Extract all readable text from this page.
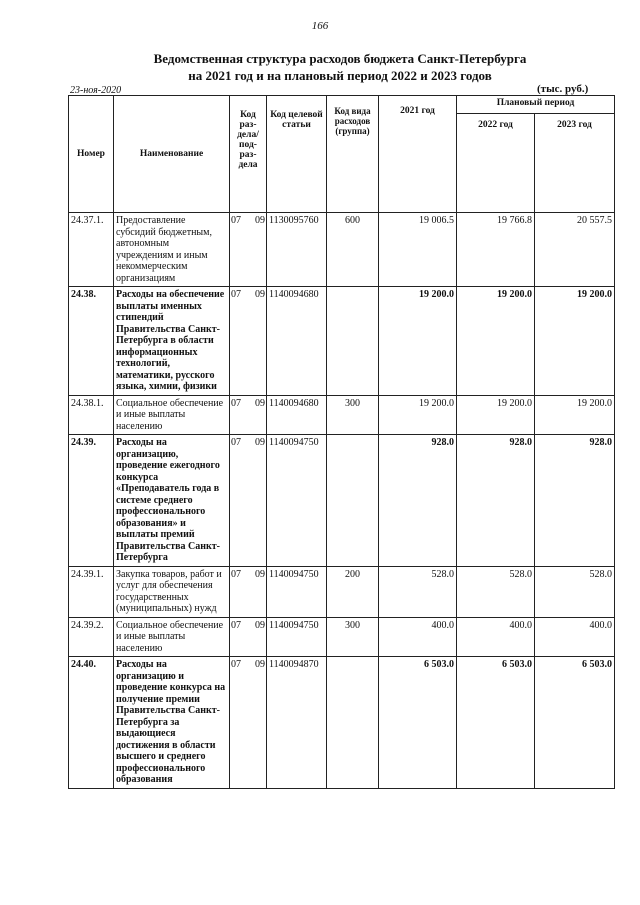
166
Ведомственная структура расходов бюджета Санкт-Петербурга
на 2021 год и на плановый период 2022 и 2023 годов
23-ноя-2020	(тыс. руб.)
Номер	Наименование	Код раз-дела/ под-раз-дела	Код целевой статьи	Код вида расходов (группа)	2021 год	Плановый период	
						2022 год	2023 год
24.37.1.	Предоставление субсидий бюджетным, автономным учреждениям и иным некоммерческим организациям	07 09	1130095760	600	19 006.5	19 766.8	20 557.5
24.38.	Расходы на обеспечение выплаты именных стипендий Правительства Санкт-Петербурга в области информационных технологий, математики, русского языка, химии, физики	07 09	1140094680		19 200.0	19 200.0	19 200.0
24.38.1.	Социальное обеспечение и иные выплаты населению	07 09	1140094680	300	19 200.0	19 200.0	19 200.0
24.39.	Расходы на организацию, проведение ежегодного конкурса «Преподаватель года в системе среднего профессионального образования» и выплаты премий Правительства Санкт-Петербурга	07 09	1140094750		928.0	928.0	928.0
24.39.1.	Закупка товаров, работ и услуг для обеспечения государственных (муниципальных) нужд	07 09	1140094750	200	528.0	528.0	528.0
24.39.2.	Социальное обеспечение и иные выплаты населению	07 09	1140094750	300	400.0	400.0	400.0
24.40.	Расходы на организацию и проведение конкурса на получение премии Правительства Санкт-Петербурга за выдающиеся достижения в области высшего и среднего профессионального образования	07 09	1140094870		6 503.0	6 503.0	6 503.0
